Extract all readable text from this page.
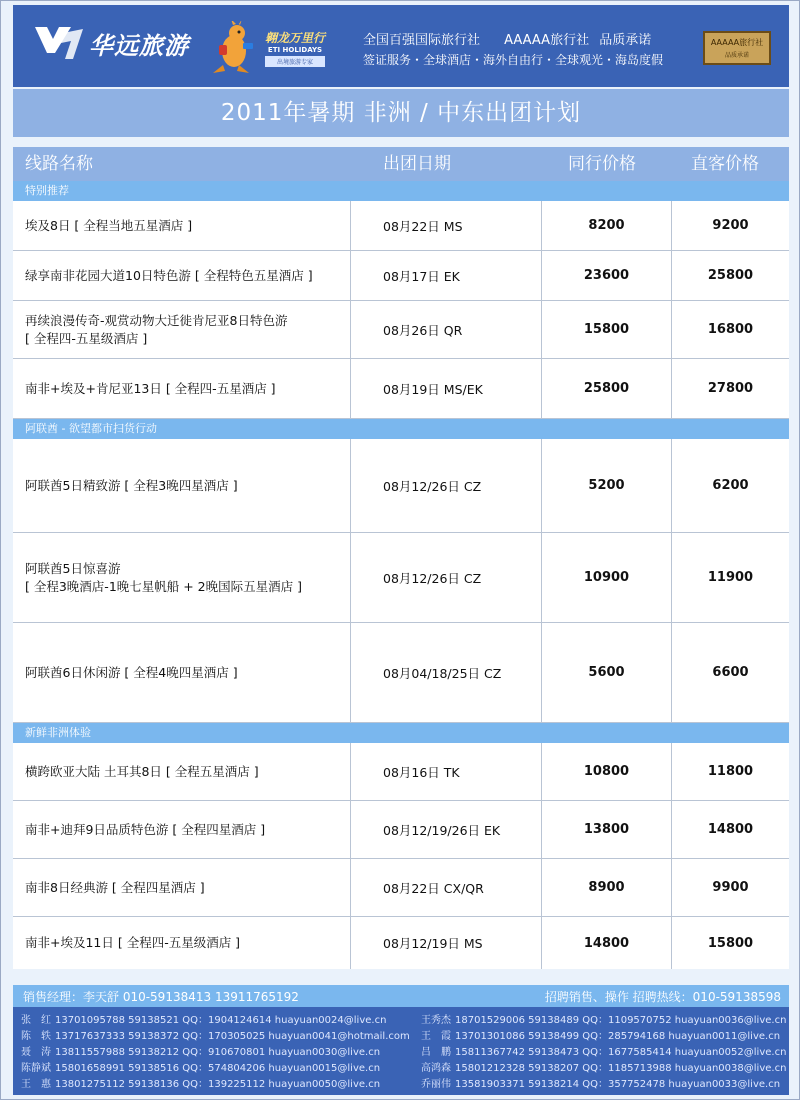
华远旅游	翱龙万里行
ETI HOLIDAYS
出境旅游专家
全国百强国际旅行社 AAAAA旅行社 品质承诺
签证服务・全球酒店・海外自由行・全球观光・海岛度假
AAAAA旅行社
品质承诺
2011年暑期 非洲 / 中东出团计划
线路名称	出团日期	同行价格	直客价格
特别推荐
埃及8日 [ 全程当地五星酒店 ]	08月22日 MS	8200	9200
绿享南非花园大道10日特色游 [ 全程特色五星酒店 ]	08月17日 EK	23600	25800
再续浪漫传奇-观赏动物大迁徙肯尼亚8日特色游
[ 全程四-五星级酒店 ]
08月26日 QR	15800	16800
南非+埃及+肯尼亚13日 [ 全程四-五星酒店 ]	08月19日 MS/EK	25800	27800
阿联酋 - 欲望都市扫货行动
阿联酋5日精致游 [ 全程3晚四星酒店 ]	08月12/26日 CZ	5200	6200
阿联酋5日惊喜游
[ 全程3晚酒店-1晚七星帆船 + 2晚国际五星酒店 ]
08月12/26日 CZ	10900	11900
阿联酋6日休闲游 [ 全程4晚四星酒店 ]	08月04/18/25日 CZ	5600	6600
新鲜非洲体验
横跨欧亚大陆 土耳其8日 [ 全程五星酒店 ]	08月16日 TK	10800	11800
南非+迪拜9日品质特色游 [ 全程四星酒店 ]	08月12/19/26日 EK	13800	14800
南非8日经典游 [ 全程四星酒店 ]	08月22日 CX/QR	8900	9900
南非+埃及11日 [ 全程四-五星级酒店 ]	08月12/19日 MS	14800	15800
销售经理：李天舒 010-59138413 13911765192	招聘销售、操作 招聘热线：010-59138598
张　红 13701095788 59138521 QQ：1904124614 huayuan0024@live.cn
陈　轶 13717637333 59138372 QQ：170305025 huayuan0041@hotmail.com
聂　涛 13811557988 59138212 QQ：910670801 huayuan0030@live.cn
陈静斌 15801658991 59138516 QQ：574804206 huayuan0015@live.cn
王　惠 13801275112 59138136 QQ：139225112 huayuan0050@live.cn
王秀杰 18701529006 59138489 QQ：1109570752 huayuan0036@live.cn
王　霞 13701301086 59138499 QQ：285794168 huayuan0011@live.cn
吕　鹏 15811367742 59138473 QQ：1677585414 huayuan0052@live.cn
高鸿森 15801212328 59138207 QQ：1185713988 huayuan0038@live.cn
乔丽伟 13581903371 59138214 QQ：357752478 huayuan0033@live.cn
